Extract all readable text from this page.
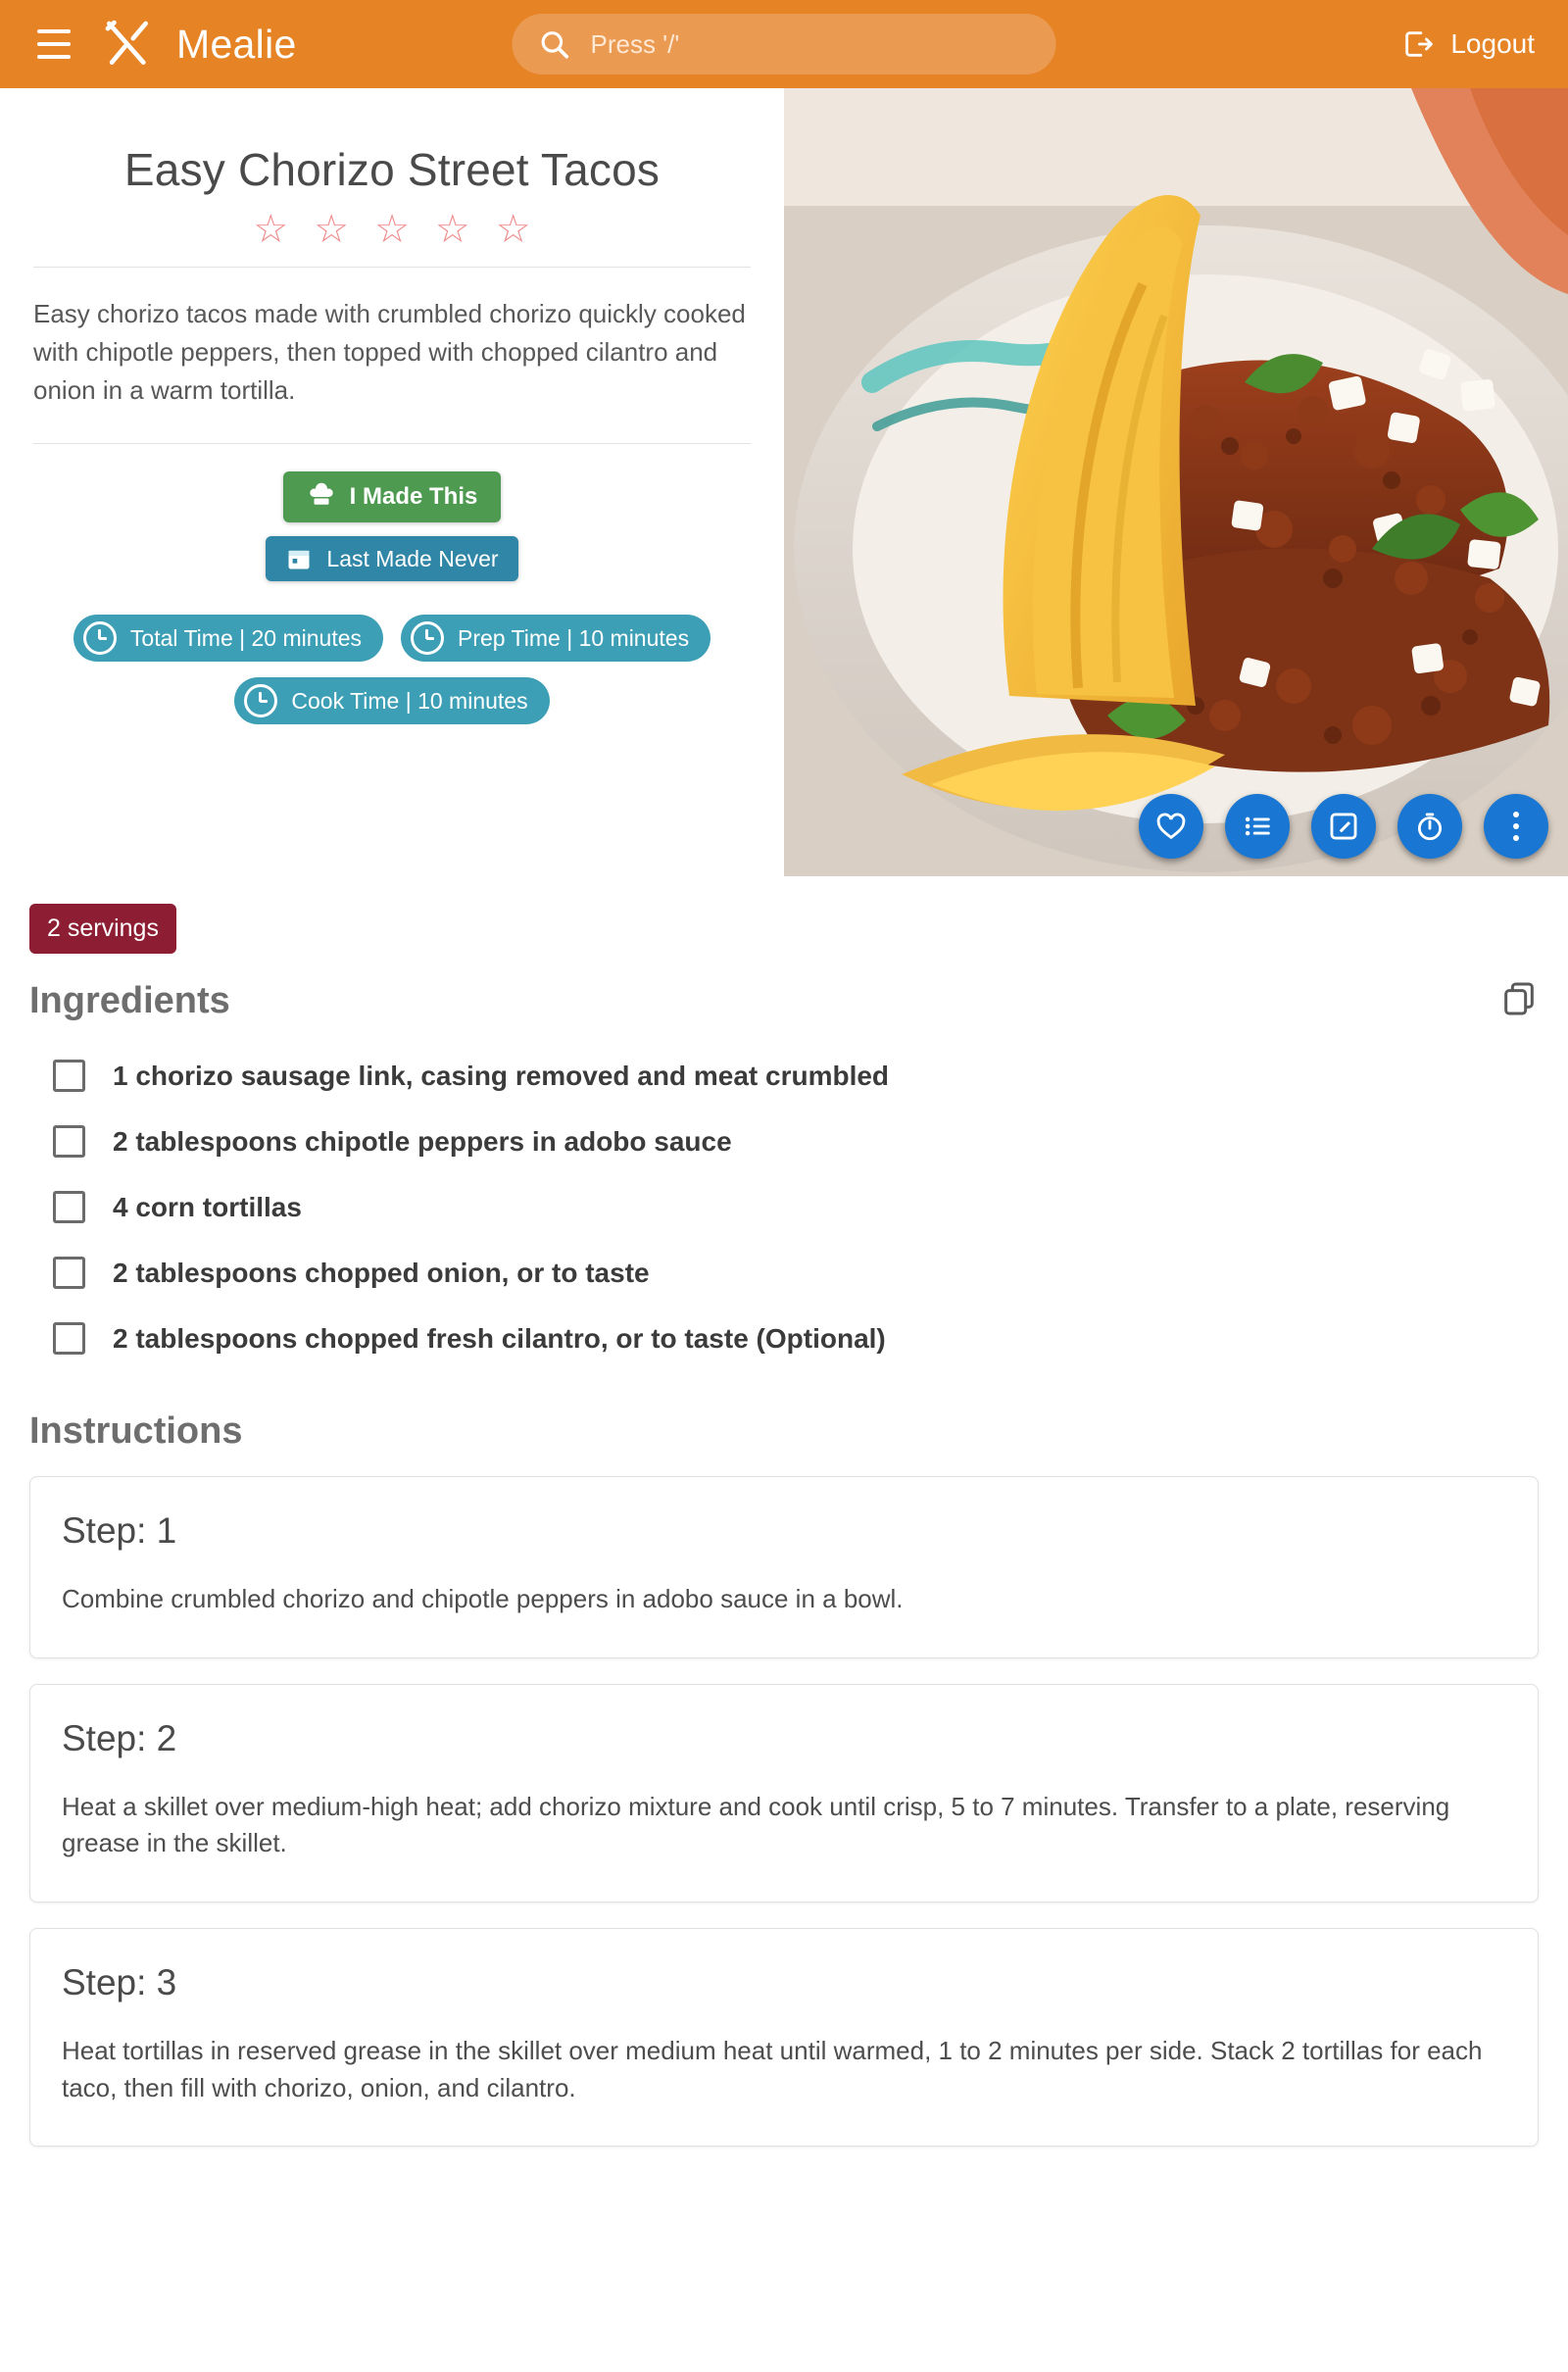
Mealie
Press '/'	Logout
Easy Chorizo Street Tacos
☆ ☆ ☆ ☆ ☆
Easy chorizo tacos made with crumbled chorizo quickly cooked with chipotle peppers, then topped with chopped cilantro and onion in a warm tortilla.
I Made This
Last Made Never
Total Time | 20 minutes	Prep Time | 10 minutes
Cook Time | 10 minutes
2 servings
Ingredients
1 chorizo sausage link, casing removed and meat crumbled
2 tablespoons chipotle peppers in adobo sauce
4 corn tortillas
2 tablespoons chopped onion, or to taste
2 tablespoons chopped fresh cilantro, or to taste (Optional)
Instructions
Step: 1
Combine crumbled chorizo and chipotle peppers in adobo sauce in a bowl.
Step: 2
Heat a skillet over medium-high heat; add chorizo mixture and cook until crisp, 5 to 7 minutes. Transfer to a plate, reserving grease in the skillet.
Step: 3
Heat tortillas in reserved grease in the skillet over medium heat until warmed, 1 to 2 minutes per side. Stack 2 tortillas for each taco, then fill with chorizo, onion, and cilantro.
